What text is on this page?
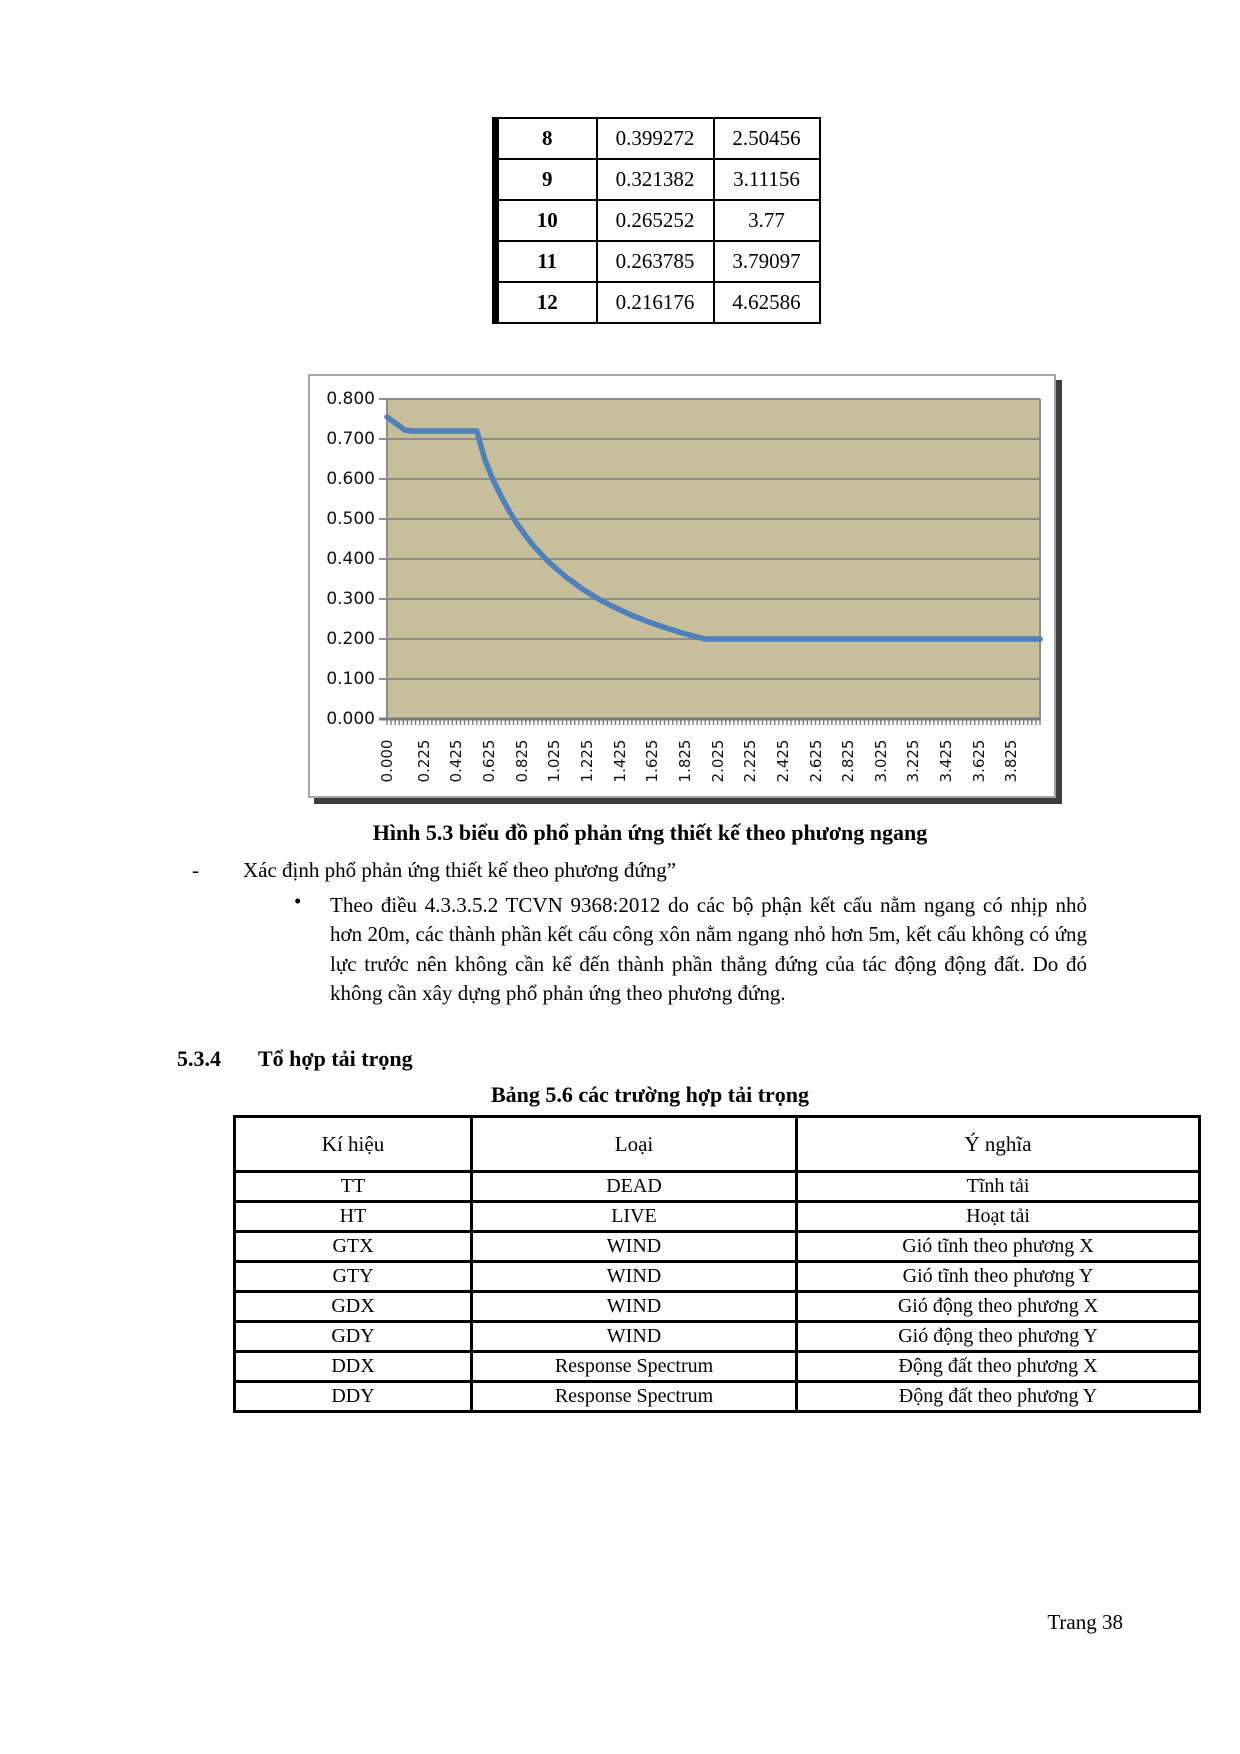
8	0.399272	2.50456
9	0.321382	3.11156
10	0.265252	3.77
11	0.263785	3.79097
12	0.216176	4.62586
0.000
0.100
0.200
0.300
0.400
0.500
0.600
0.700
0.800
0.000 0.225 0.425 0.625 0.825 1.025 1.225 1.425 1.625 1.825 2.025 2.225 2.425 2.625 2.825 3.025 3.225 3.425 3.625 3.825
Hình 5.3 biểu đồ phổ phản ứng thiết kế theo phương ngang
- Xác định phổ phản ứng thiết kế theo phương đứng”
• Theo điều 4.3.3.5.2 TCVN 9368:2012 do các bộ phận kết cấu nằm ngang có nhịp nhỏ hơn 20m, các thành phần kết cấu công xôn nằm ngang nhỏ hơn 5m, kết cấu không có ứng lực trước nên không cần kể đến thành phần thẳng đứng của tác động động đất. Do đó không cần xây dựng phổ phản ứng theo phương đứng.
5.3.4 Tổ hợp tải trọng
Bảng 5.6 các trường hợp tải trọng
Kí hiệu	Loại	Ý nghĩa
TT	DEAD	Tĩnh tải
HT	LIVE	Hoạt tải
GTX	WIND	Gió tĩnh theo phương X
GTY	WIND	Gió tĩnh theo phương Y
GDX	WIND	Gió động theo phương X
GDY	WIND	Gió động theo phương Y
DDX	Response Spectrum	Động đất theo phương X
DDY	Response Spectrum	Động đất theo phương Y
Trang 38
